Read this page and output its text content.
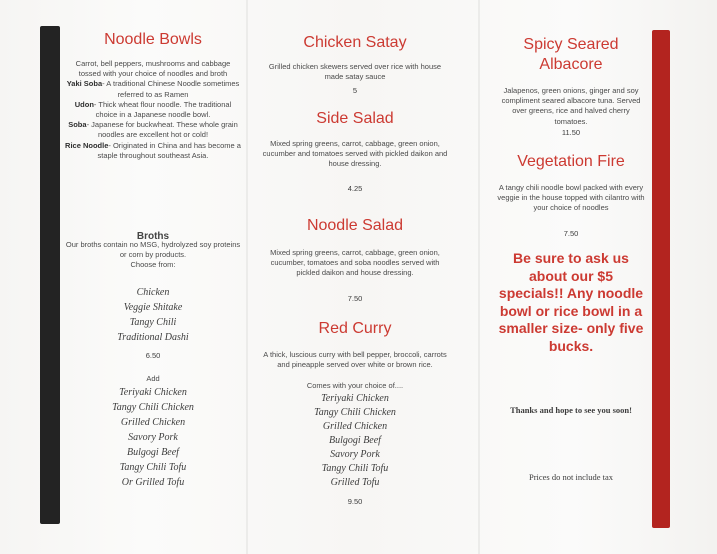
Noodle Bowls

Carrot, bell peppers, mushrooms and cabbage tossed with your choice of noodles and broth

Yaki Soba- A traditional Chinese Noodle sometimes referred to as Ramen

Udon- Thick wheat flour noodle. The traditional choice in a Japanese noodle bowl.

Soba- Japanese for buckwheat. These whole grain noodles are excellent hot or cold!

Rice Noodle- Originated in China and has become a staple throughout southeast Asia.

Broths

Our broths contain no MSG, hydrolyzed soy proteins or corn by products.

Choose from:

Chicken
Veggie Shitake
Tangy Chili
Traditional Dashi

6.50

Add

Teriyaki Chicken
Tangy Chili Chicken
Grilled Chicken
Savory Pork
Bulgogi Beef
Tangy Chili Tofu
Or Grilled Tofu
Chicken Satay

Grilled chicken skewers served over rice with house made satay sauce

5

Side Salad

Mixed spring greens, carrot, cabbage, green onion, cucumber and tomatoes served with pickled daikon and house dressing.

4.25

Noodle Salad

Mixed spring greens, carrot, cabbage, green onion, cucumber, tomatoes and soba noodles served with pickled daikon and house dressing.

7.50

Red Curry

A thick, luscious curry with bell pepper, broccoli, carrots and pineapple served over white or brown rice.

Comes with your choice of....

Teriyaki Chicken
Tangy Chili Chicken
Grilled Chicken
Bulgogi Beef
Savory Pork
Tangy Chili Tofu
Grilled Tofu

9.50

Spicy Seared
Albacore

Jalapenos, green onions, ginger and soy compliment seared albacore tuna. Served over greens, rice and halved cherry tomatoes.

11.50

Vegetation Fire

A tangy chili noodle bowl packed with every veggie in the house topped with cilantro with your choice of noodles

7.50

Be sure to ask us about our $5 specials!! Any noodle bowl or rice bowl in a smaller size- only five bucks.

Thanks and hope to see you soon!

Prices do not include tax
